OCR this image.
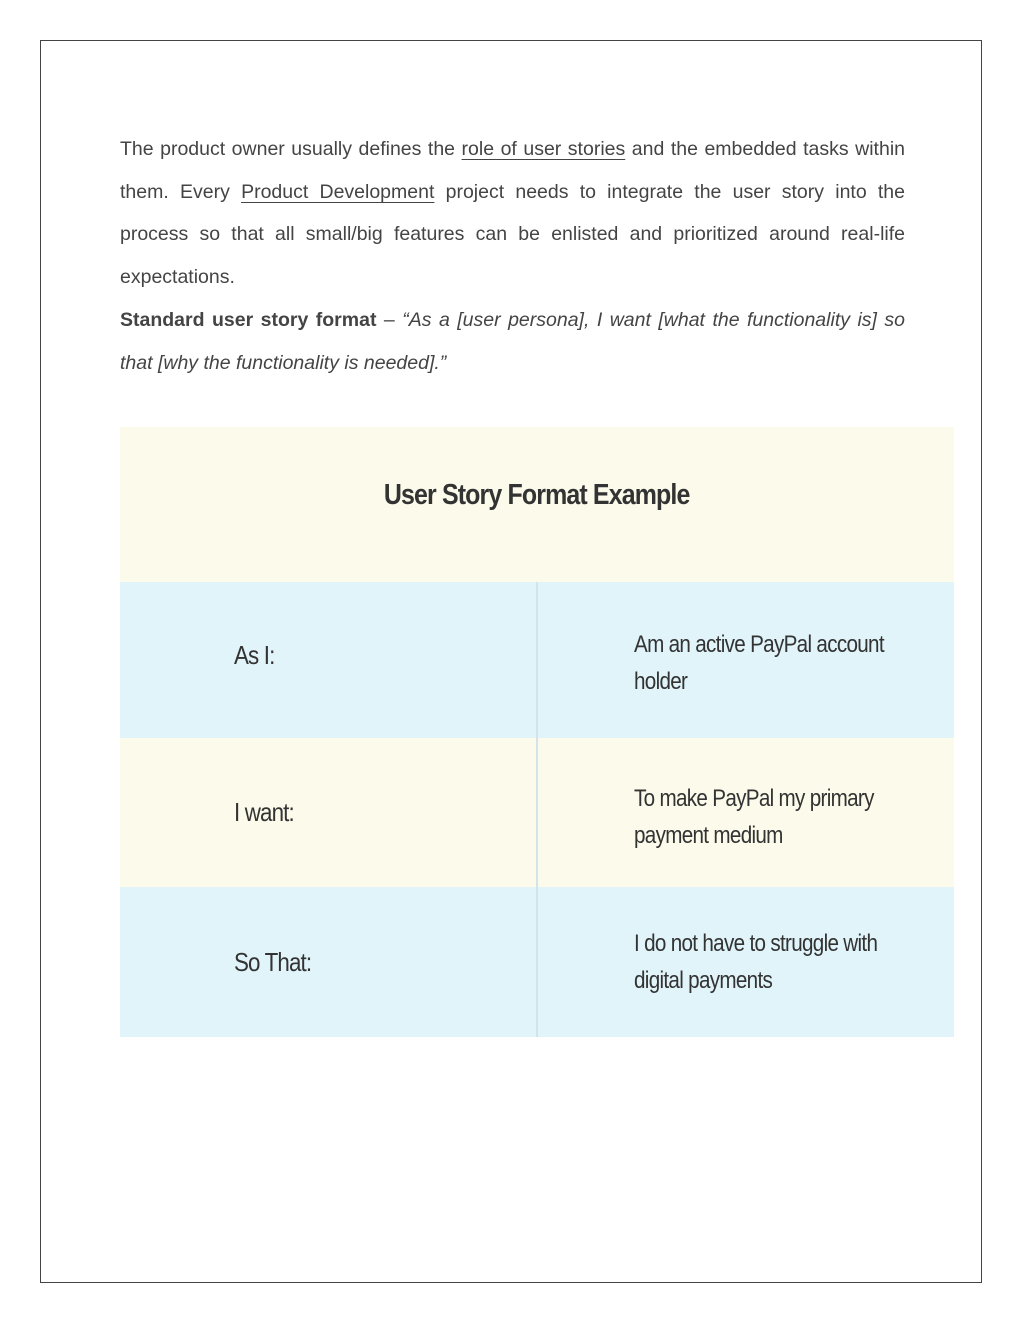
The product owner usually defines the role of user stories and the embedded tasks within them. Every Product Development project needs to integrate the user story into the process so that all small/big features can be enlisted and prioritized around real-life expectations.

Standard user story format – “As a [user persona], I want [what the functionality is] so that [why the functionality is needed].”

User Story Format Example
As I:	Am an active PayPal account holder
I want:	To make PayPal my primary payment medium
So That:
I do not have to struggle with digital payments
